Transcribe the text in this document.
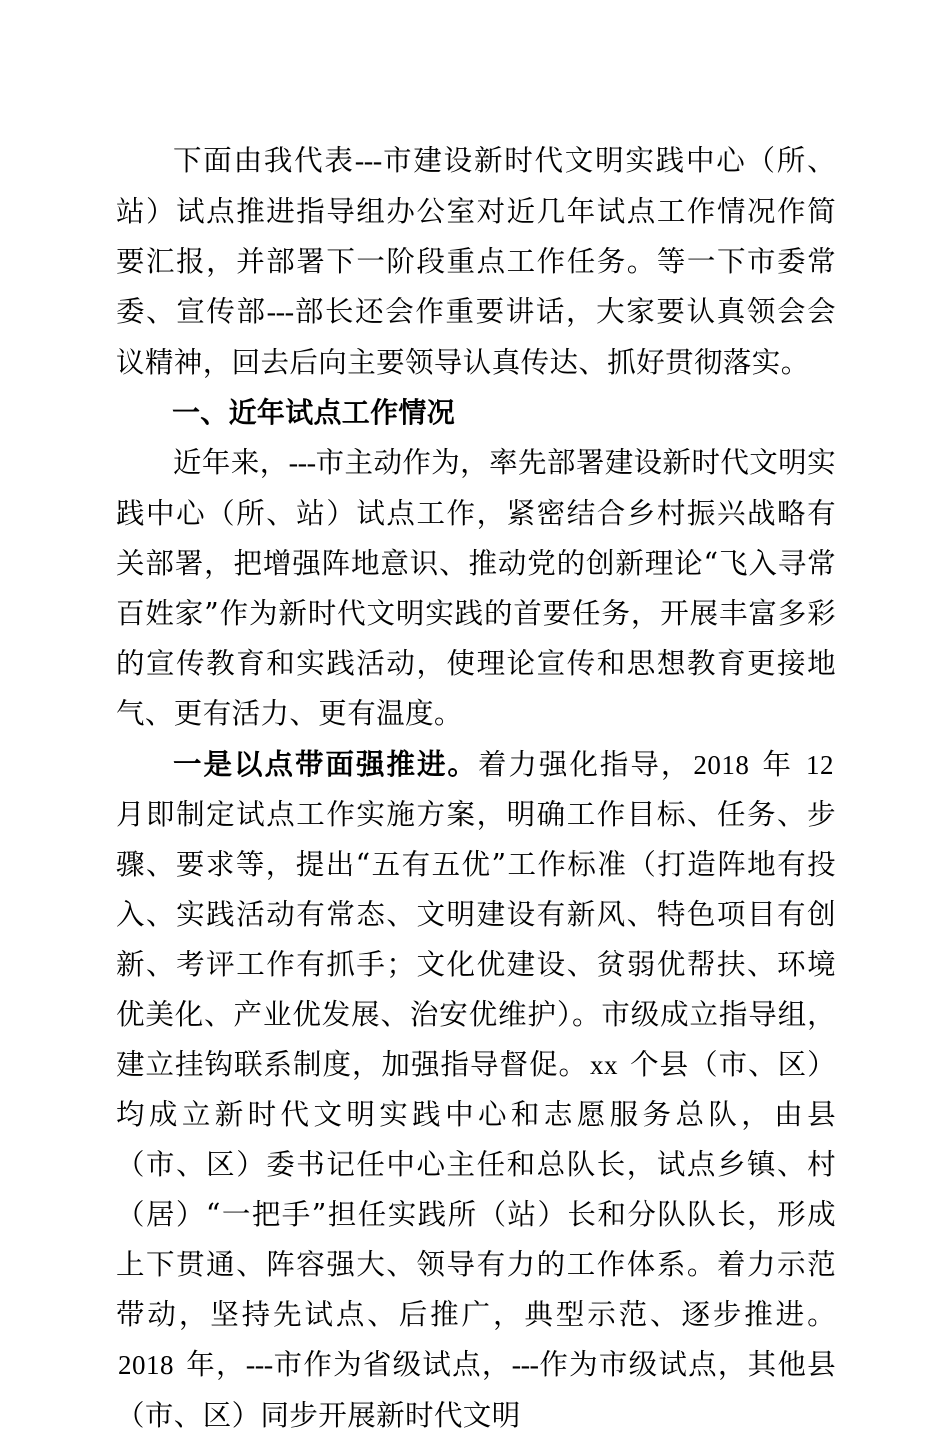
下面由我代表---市建设新时代文明实践中心（所、站）试点推进指导组办公室对近几年试点工作情况作简要汇报，并部署下一阶段重点工作任务。等一下市委常委、宣传部---部长还会作重要讲话，大家要认真领会会议精神，回去后向主要领导认真传达、抓好贯彻落实。

一、近年试点工作情况

近年来，---市主动作为，率先部署建设新时代文明实践中心（所、站）试点工作，紧密结合乡村振兴战略有关部署，把增强阵地意识、推动党的创新理论“飞入寻常百姓家”作为新时代文明实践的首要任务，开展丰富多彩的宣传教育和实践活动，使理论宣传和思想教育更接地气、更有活力、更有温度。

一是以点带面强推进。着力强化指导，2018 年 12 月即制定试点工作实施方案，明确工作目标、任务、步骤、要求等，提出“五有五优”工作标准（打造阵地有投入、实践活动有常态、文明建设有新风、特色项目有创新、考评工作有抓手；文化优建设、贫弱优帮扶、环境优美化、产业优发展、治安优维护）。市级成立指导组，建立挂钩联系制度，加强指导督促。xx 个县（市、区）均成立新时代文明实践中心和志愿服务总队，由县（市、区）委书记任中心主任和总队长，试点乡镇、村（居）“一把手”担任实践所（站）长和分队队长，形成上下贯通、阵容强大、领导有力的工作体系。着力示范带动，坚持先试点、后推广，典型示范、逐步推进。2018 年，---市作为省级试点，---作为市级试点，其他县（市、区）同步开展新时代文明
